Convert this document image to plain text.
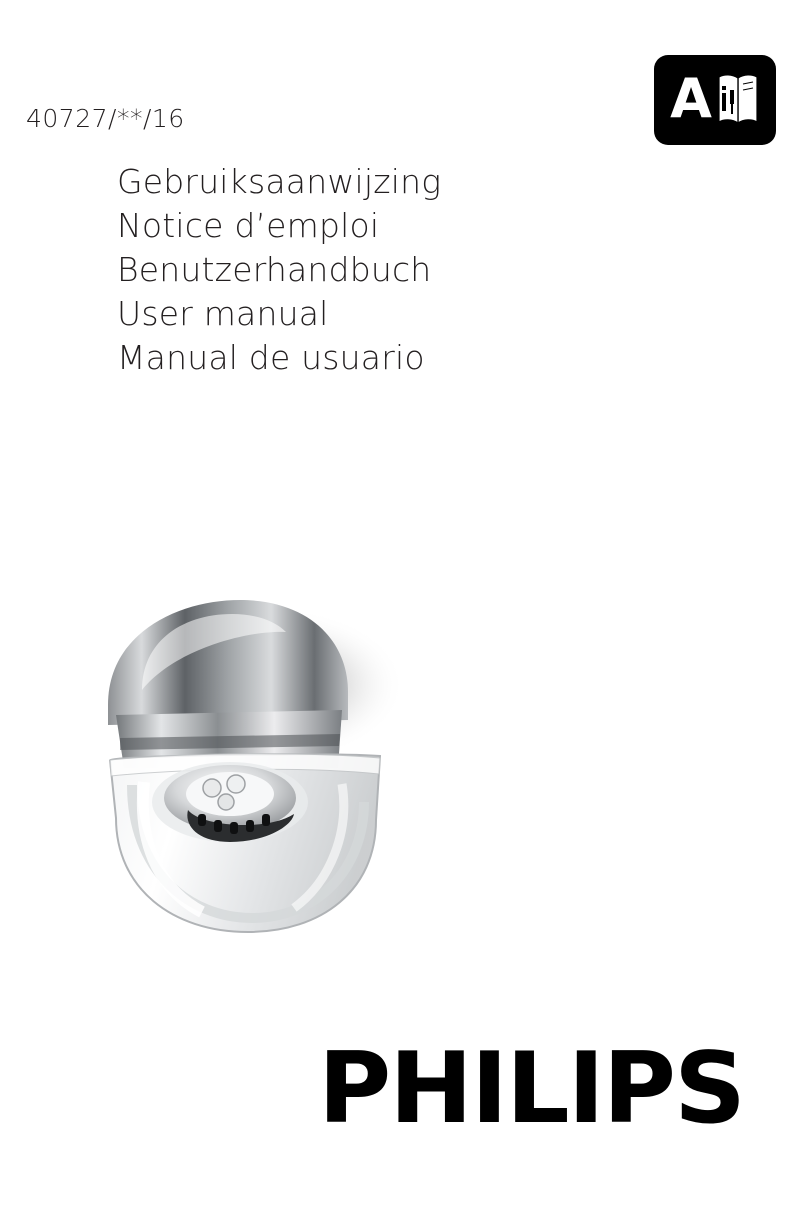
40727/**/16	A
Gebruiksaanwijzing
Notice d’emploi
Benutzerhandbuch
User manual
Manual de usuario
PHILIPS
